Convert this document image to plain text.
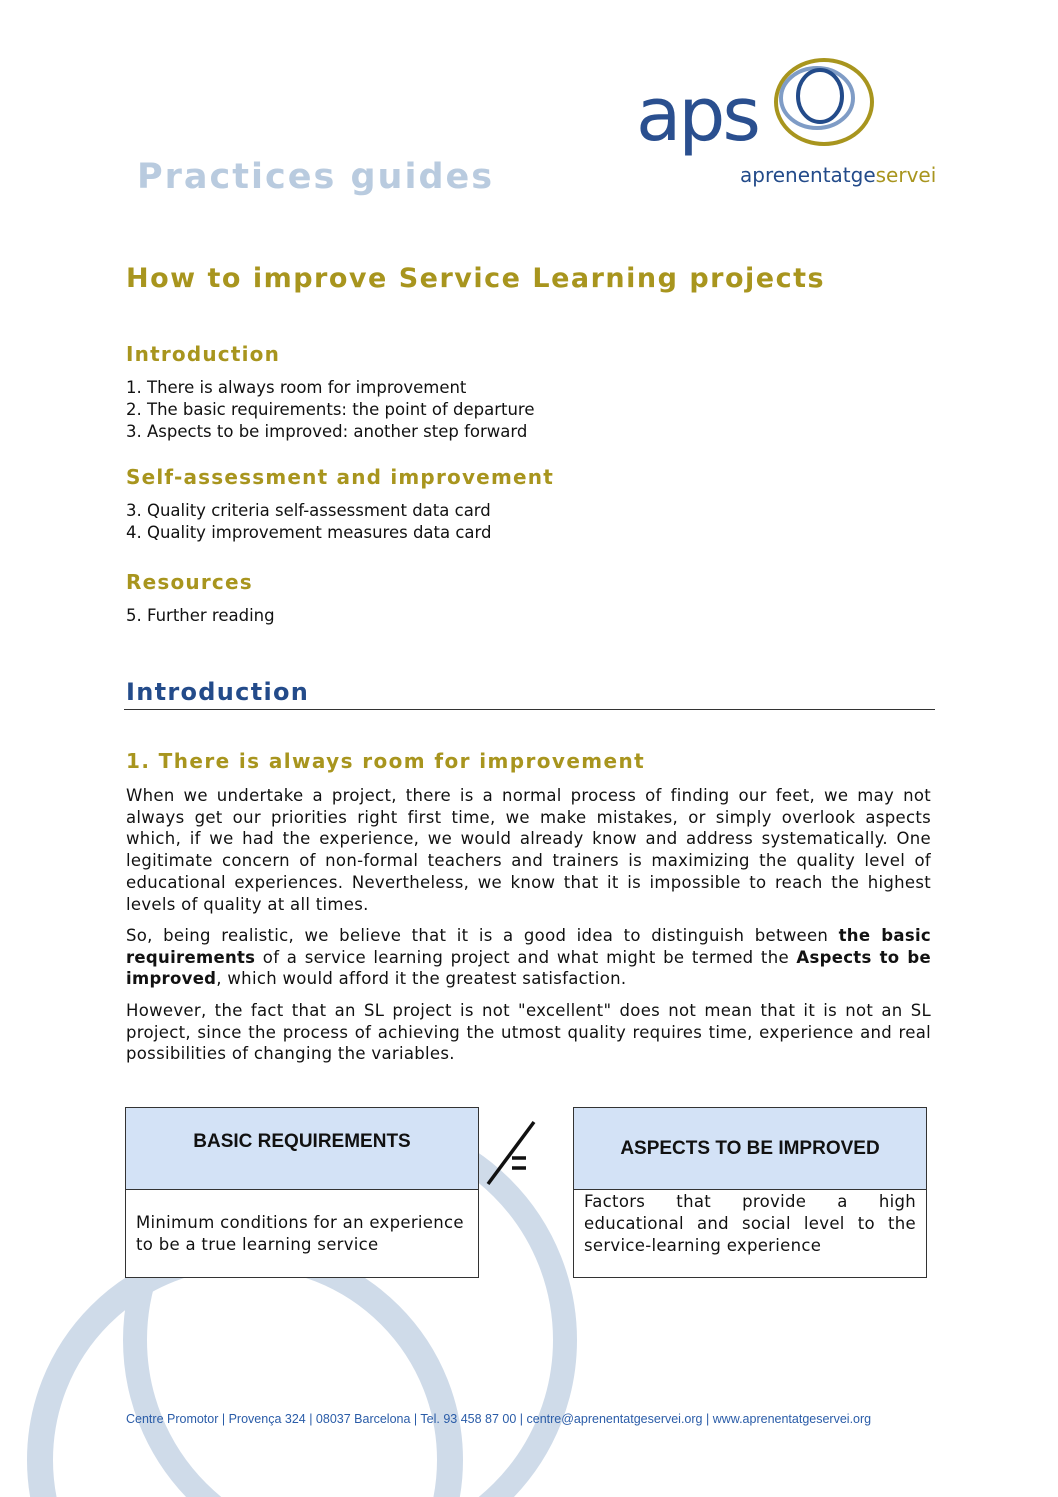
aps
aprenentatgeservei
Practices guides
How to improve Service Learning projects
Introduction
1. There is always room for improvement
2. The basic requirements: the point of departure
3. Aspects to be improved: another step forward
Self-assessment and improvement
3. Quality criteria self-assessment data card
4. Quality improvement measures data card
Resources
5. Further reading
Introduction
1. There is always room for improvement

When we undertake a project, there is a normal process of finding our feet, we may not always get our priorities right first time, we make mistakes, or simply overlook aspects which, if we had the experience, we would already know and address systematically. One legitimate concern of non-formal teachers and trainers is maximizing the quality level of educational experiences. Nevertheless, we know that it is impossible to reach the highest levels of quality at all times.

So, being realistic, we believe that it is a good idea to distinguish between the basic requirements of a service learning project and what might be termed the Aspects to be improved, which would afford it the greatest satisfaction.

However, the fact that an SL project is not "excellent" does not mean that it is not an SL project, since the process of achieving the utmost quality requires time, experience and real possibilities of changing the variables.

BASIC REQUIREMENTS
Minimum conditions for an experience to be a true learning service
ASPECTS TO BE IMPROVED
Factors that provide a high educational and social level to the service-learning experience

Centre Promotor | Provença 324 | 08037 Barcelona | Tel. 93 458 87 00 | centre@aprenentatgeservei.org | www.aprenentatgeservei.org
